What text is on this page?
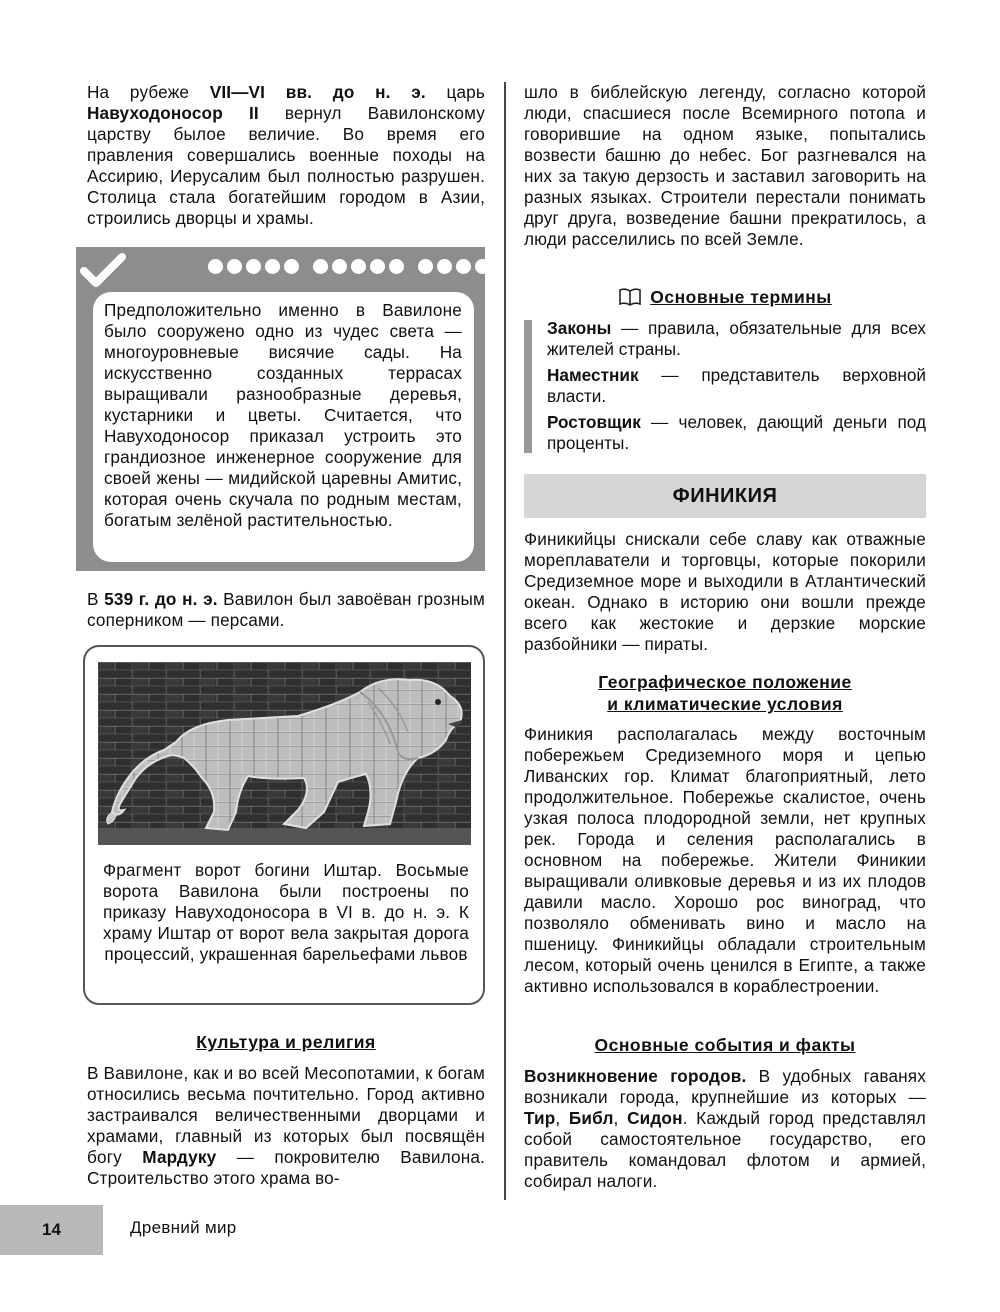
На рубеже VII—VI вв. до н. э. царь Навуходоносор II вернул Вавилонскому царству былое величие. Во время его правления совершались военные походы на Ассирию, Иерусалим был полностью разрушен. Столица стала богатейшим городом в Азии, строились дворцы и храмы.

Предположительно именно в Вавилоне было сооружено одно из чудес света — многоуровневые висячие сады. На искусственно созданных террасах выращивали разнообразные деревья, кустарники и цветы. Считается, что Навуходоносор приказал устроить это грандиозное инженерное сооружение для своей жены — мидийской царевны Амитис, которая очень скучала по родным местам, богатым зелёной растительностью.

В 539 г. до н. э. Вавилон был завоёван грозным соперником — персами.

Фрагмент ворот богини Иштар. Восьмые ворота Вавилона были построены по приказу Навуходоносора в VI в. до н. э. К храму Иштар от ворот вела закрытая дорога процессий, украшенная барельефами львов

Культура и религия

В Вавилоне, как и во всей Месопотамии, к богам относились весьма почтительно. Город активно застраивался величественными дворцами и храмами, главный из которых был посвящён богу Мардуку — покровителю Вавилона. Строительство этого храма во-

шло в библейскую легенду, согласно которой люди, спасшиеся после Всемирного потопа и говорившие на одном языке, попытались возвести башню до небес. Бог разгневался на них за такую дерзость и заставил заговорить на разных языках. Строители перестали понимать друг друга, возведение башни прекратилось, а люди расселились по всей Земле.

Основные термины

Законы — правила, обязательные для всех жителей страны.

Наместник — представитель верховной власти.

Ростовщик — человек, дающий деньги под проценты.

ФИНИКИЯ

Финикийцы снискали себе славу как отважные мореплаватели и торговцы, которые покорили Средиземное море и выходили в Атлантический океан. Однако в историю они вошли прежде всего как жестокие и дерзкие морские разбойники — пираты.

Географическое положение
и климатические условия

Финикия располагалась между восточным побережьем Средиземного моря и цепью Ливанских гор. Климат благоприятный, лето продолжительное. Побережье скалистое, очень узкая полоса плодородной земли, нет крупных рек. Города и селения располагались в основном на побережье. Жители Финикии выращивали оливковые деревья и из их плодов давили масло. Хорошо рос виноград, что позволяло обменивать вино и масло на пшеницу. Финикийцы обладали строительным лесом, который очень ценился в Египте, а также активно использовался в кораблестроении.

Основные события и факты

Возникновение городов. В удобных гаванях возникали города, крупнейшие из которых — Тир, Библ, Сидон. Каждый город представлял собой самостоятельное государство, его правитель командовал флотом и армией, собирал налоги.

14	Древний мир
